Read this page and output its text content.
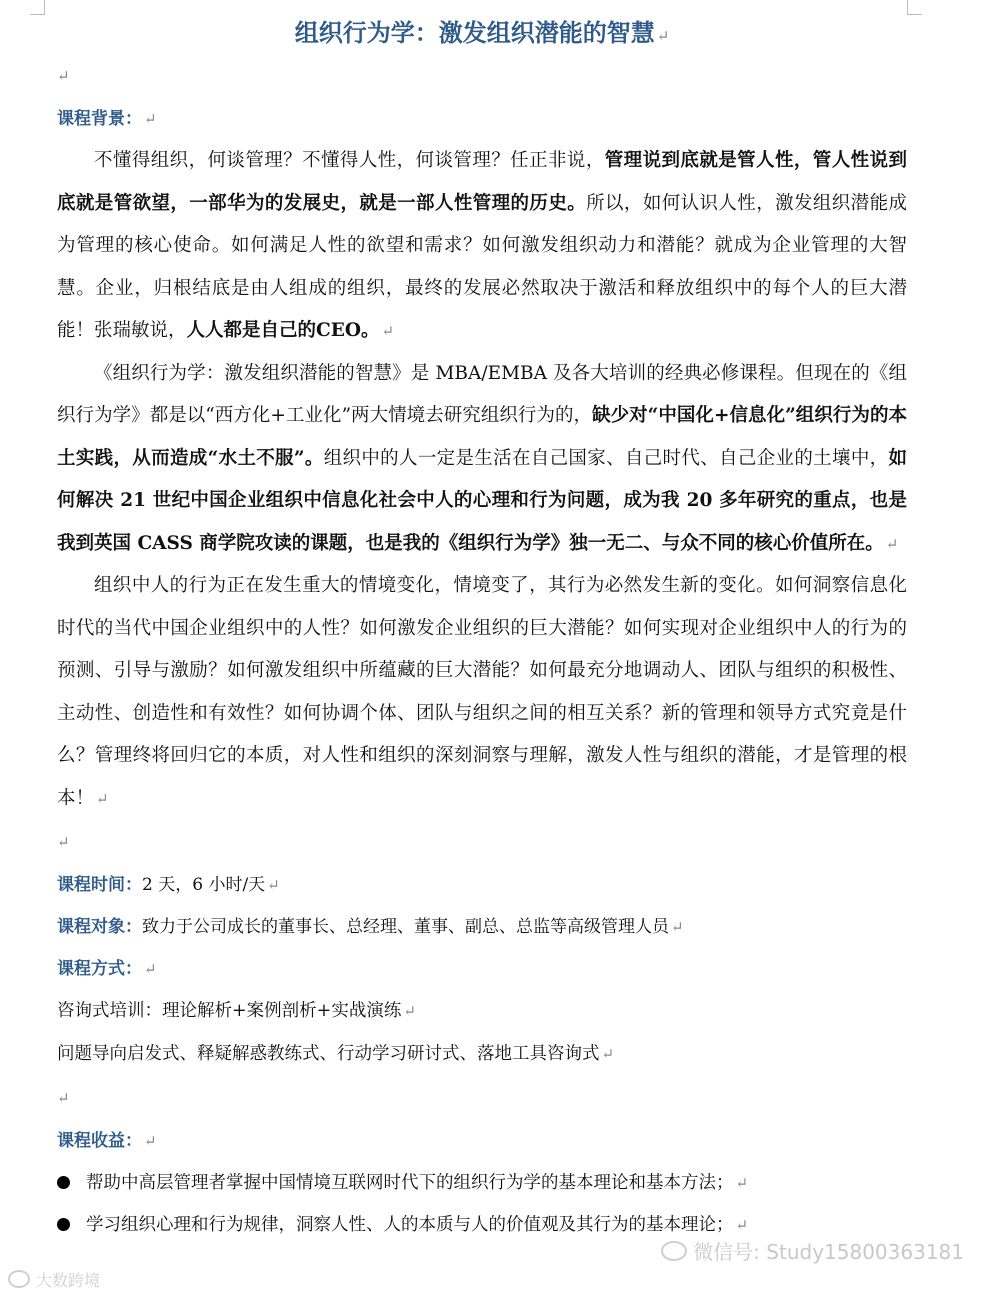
组织行为学：激发组织潜能的智慧 ↵
↵

课程背景： ↵

不懂得组织，何谈管理？不懂得人性，何谈管理？任正非说，管理说到底就是管人性，管人性说到底就是管欲望，一部华为的发展史，就是一部人性管理的历史。所以，如何认识人性，激发组织潜能成为管理的核心使命。如何满足人性的欲望和需求？如何激发组织动力和潜能？就成为企业管理的大智慧。企业，归根结底是由人组成的组织，最终的发展必然取决于激活和释放组织中的每个人的巨大潜能！张瑞敏说，人人都是自己的CEO。 ↵

《组织行为学：激发组织潜能的智慧》是 MBA/EMBA 及各大培训的经典必修课程。但现在的《组织行为学》都是以“西方化+工业化”两大情境去研究组织行为的，缺少对“中国化+信息化”组织行为的本土实践，从而造成“水土不服”。组织中的人一定是生活在自己国家、自己时代、自己企业的土壤中，如何解决 21 世纪中国企业组织中信息化社会中人的心理和行为问题，成为我 20 多年研究的重点，也是我到英国 CASS 商学院攻读的课题，也是我的《组织行为学》独一无二、与众不同的核心价值所在。 ↵

组织中人的行为正在发生重大的情境变化，情境变了，其行为必然发生新的变化。如何洞察信息化时代的当代中国企业组织中的人性？如何激发企业组织的巨大潜能？如何实现对企业组织中人的行为的预测、引导与激励？如何激发组织中所蕴藏的巨大潜能？如何最充分地调动人、团队与组织的积极性、主动性、创造性和有效性？如何协调个体、团队与组织之间的相互关系？新的管理和领导方式究竟是什么？管理终将回归它的本质，对人性和组织的深刻洞察与理解，激发人性与组织的潜能，才是管理的根本！ ↵

↵

课程时间：2 天，6 小时/天 ↵

课程对象：致力于公司成长的董事长、总经理、董事、副总、总监等高级管理人员 ↵

课程方式： ↵

咨询式培训：理论解析+案例剖析+实战演练 ↵

问题导向启发式、释疑解惑教练式、行动学习研讨式、落地工具咨询式 ↵

↵

课程收益： ↵

帮助中高层管理者掌握中国情境互联网时代下的组织行为学的基本理论和基本方法； ↵

学习组织心理和行为规律，洞察人性、人的本质与人的价值观及其行为的基本理论； ↵

微信号: Study15800363181
大数跨境
